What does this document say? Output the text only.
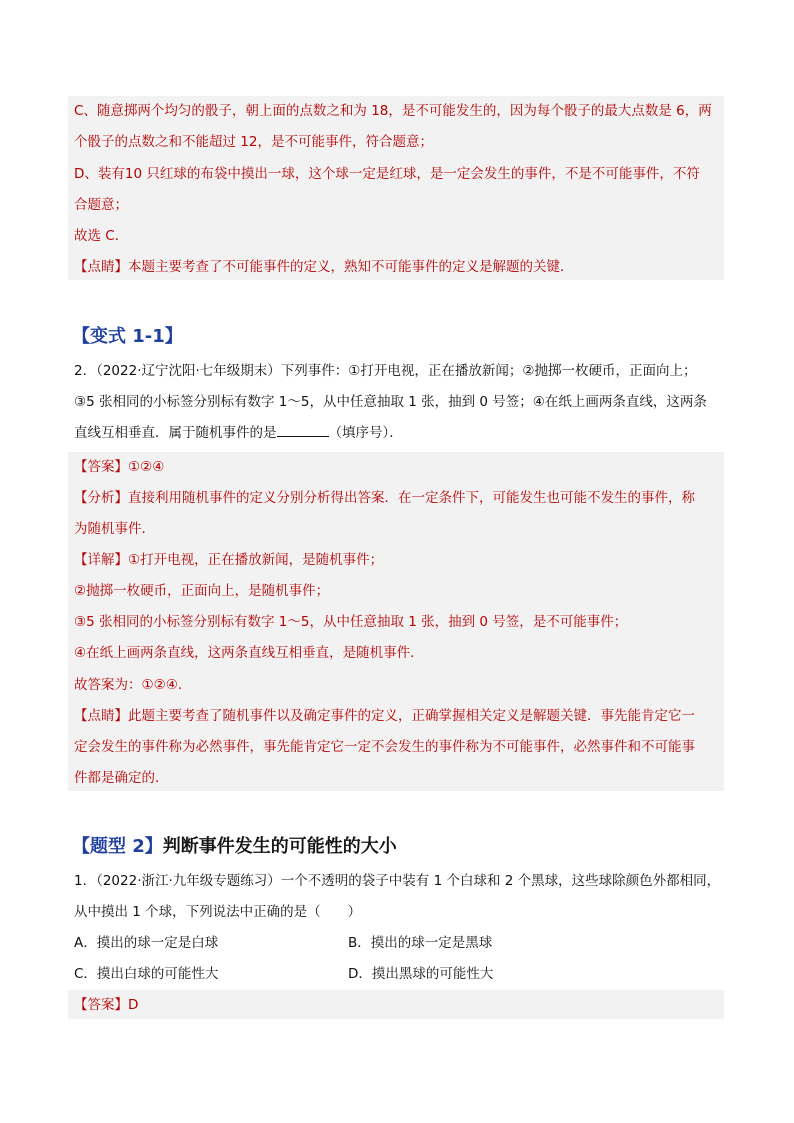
C、随意掷两个均匀的骰子，朝上面的点数之和为 18，是不可能发生的，因为每个骰子的最大点数是 6，两
个骰子的点数之和不能超过 12，是不可能事件，符合题意；
D、装有10 只红球的布袋中摸出一球，这个球一定是红球，是一定会发生的事件，不是不可能事件，不符
合题意；
故选 C．
【点睛】本题主要考查了不可能事件的定义，熟知不可能事件的定义是解题的关键．
【变式 1-1】
2．（2022·辽宁沈阳·七年级期末）下列事件：①打开电视，正在播放新闻；②抛掷一枚硬币，正面向上；
③5 张相同的小标签分别标有数字 1～5，从中任意抽取 1 张，抽到 0 号签；④在纸上画两条直线，这两条
直线互相垂直．属于随机事件的是	（填序号）．
【答案】①②④
【分析】直接利用随机事件的定义分别分析得出答案．在一定条件下，可能发生也可能不发生的事件，称
为随机事件．
【详解】①打开电视，正在播放新闻，是随机事件；
②抛掷一枚硬币，正面向上，是随机事件；
③5 张相同的小标签分别标有数字 1～5，从中任意抽取 1 张，抽到 0 号签，是不可能事件；
④在纸上画两条直线，这两条直线互相垂直，是随机事件．
故答案为：①②④.
【点睛】此题主要考查了随机事件以及确定事件的定义，正确掌握相关定义是解题关键．事先能肯定它一
定会发生的事件称为必然事件，事先能肯定它一定不会发生的事件称为不可能事件，必然事件和不可能事
件都是确定的．
【题型 2】判断事件发生的可能性的大小
1．（2022·浙江·九年级专题练习）一个不透明的袋子中装有 1 个白球和 2 个黑球，这些球除颜色外都相同，
从中摸出 1 个球，下列说法中正确的是（　　）
A．摸出的球一定是白球	B．摸出的球一定是黑球
C．摸出白球的可能性大	D．摸出黑球的可能性大
【答案】D
